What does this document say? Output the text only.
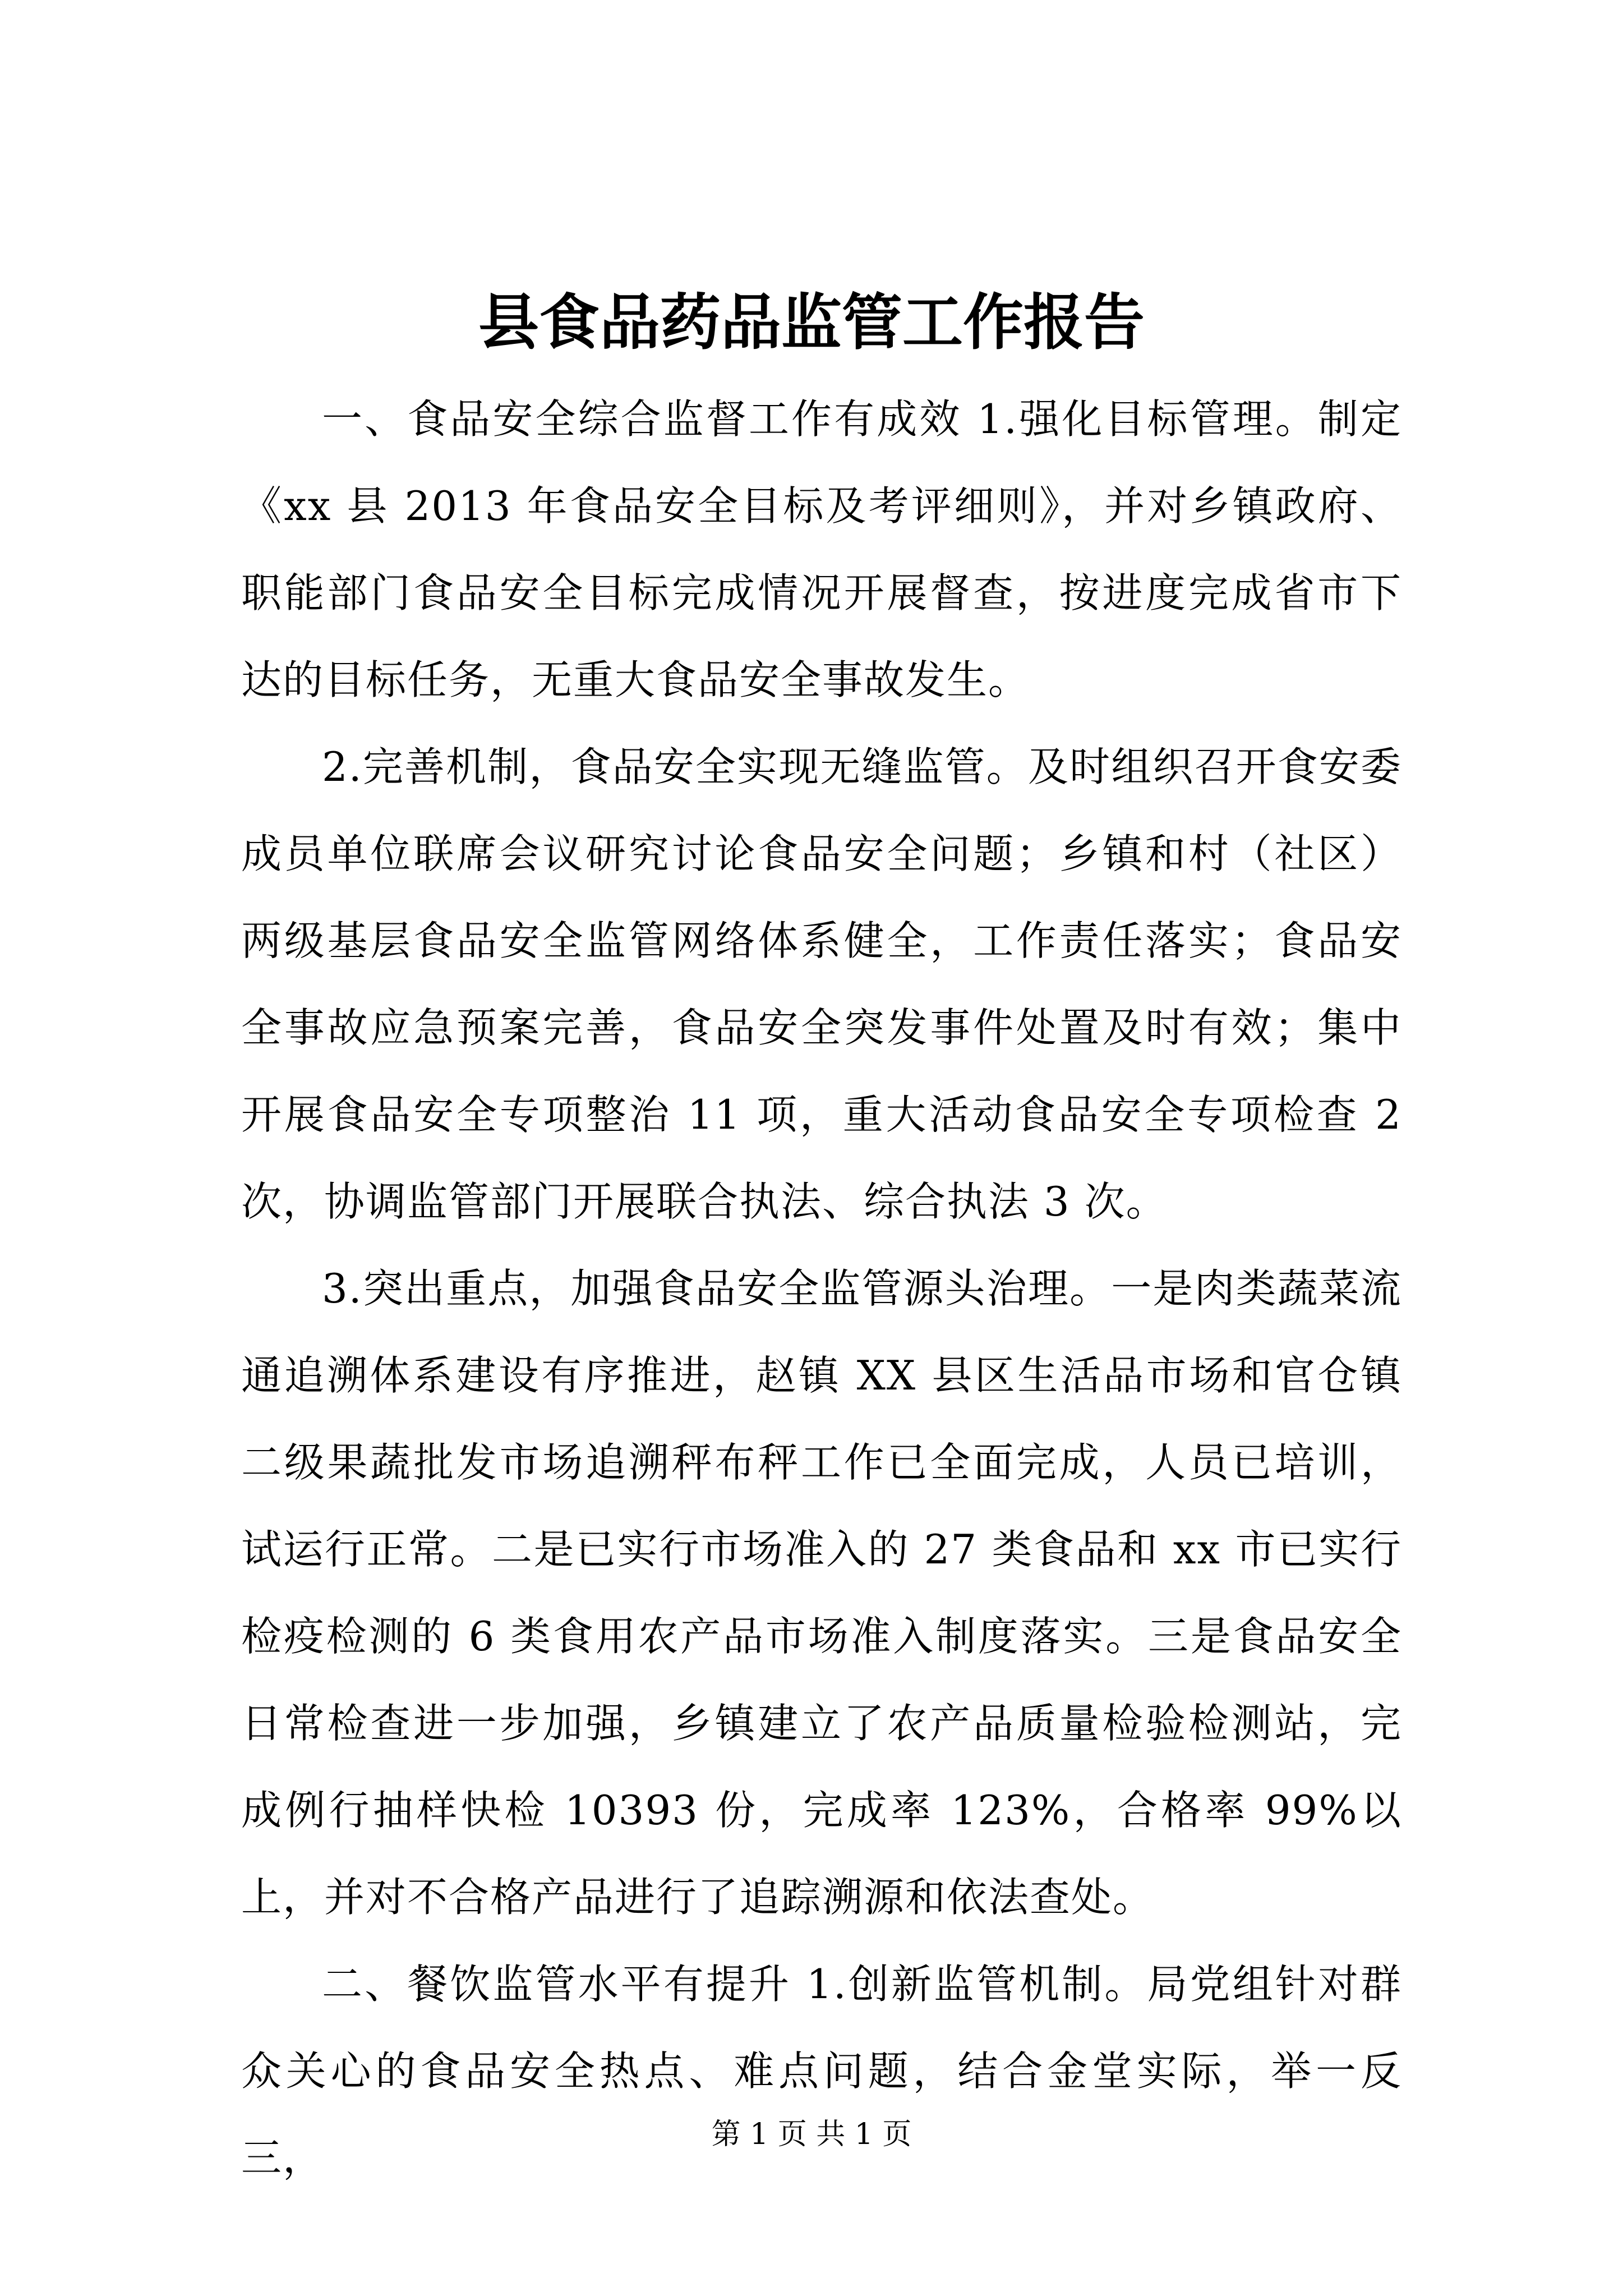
县食品药品监管工作报告

一、食品安全综合监督工作有成效 1.强化目标管理。制定《xx 县 2013 年食品安全目标及考评细则》，并对乡镇政府、职能部门食品安全目标完成情况开展督查，按进度完成省市下达的目标任务，无重大食品安全事故发生。

2.完善机制，食品安全实现无缝监管。及时组织召开食安委成员单位联席会议研究讨论食品安全问题；乡镇和村（社区）两级基层食品安全监管网络体系健全，工作责任落实；食品安全事故应急预案完善，食品安全突发事件处置及时有效；集中开展食品安全专项整治 11 项，重大活动食品安全专项检查 2 次，协调监管部门开展联合执法、综合执法 3 次。

3.突出重点，加强食品安全监管源头治理。一是肉类蔬菜流通追溯体系建设有序推进，赵镇 XX 县区生活品市场和官仓镇二级果蔬批发市场追溯秤布秤工作已全面完成，人员已培训，试运行正常。二是已实行市场准入的 27 类食品和 xx 市已实行检疫检测的 6 类食用农产品市场准入制度落实。三是食品安全日常检查进一步加强，乡镇建立了农产品质量检验检测站，完成例行抽样快检 10393 份，完成率 123%，合格率 99%以上，并对不合格产品进行了追踪溯源和依法查处。

二、餐饮监管水平有提升 1.创新监管机制。局党组针对群众关心的食品安全热点、难点问题，结合金堂实际，举一反三，	第 1 页 共 1 页
